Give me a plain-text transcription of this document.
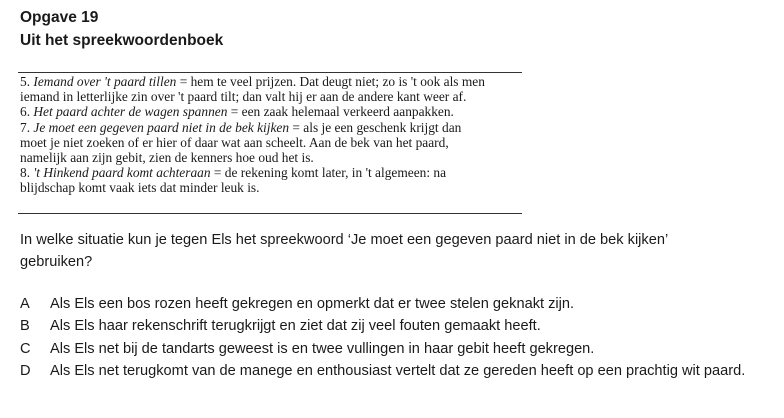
Opgave 19
Uit het spreekwoordenboek
5. Iemand over 't paard tillen = hem te veel prijzen. Dat deugt niet; zo is 't ook als men
iemand in letterlijke zin over 't paard tilt; dan valt hij er aan de andere kant weer af.
6. Het paard achter de wagen spannen = een zaak helemaal verkeerd aanpakken.
7. Je moet een gegeven paard niet in de bek kijken = als je een geschenk krijgt dan
moet je niet zoeken of er hier of daar wat aan scheelt. Aan de bek van het paard,
namelijk aan zijn gebit, zien de kenners hoe oud het is.
8. 't Hinkend paard komt achteraan = de rekening komt later, in 't algemeen: na
blijdschap komt vaak iets dat minder leuk is.
In welke situatie kun je tegen Els het spreekwoord ‘Je moet een gegeven paard niet in de bek kijken’
gebruiken?
A	Als Els een bos rozen heeft gekregen en opmerkt dat er twee stelen geknakt zijn.
B	Als Els haar rekenschrift terugkrijgt en ziet dat zij veel fouten gemaakt heeft.
C	Als Els net bij de tandarts geweest is en twee vullingen in haar gebit heeft gekregen.
D	Als Els net terugkomt van de manege en enthousiast vertelt dat ze gereden heeft op een prachtig wit paard.
